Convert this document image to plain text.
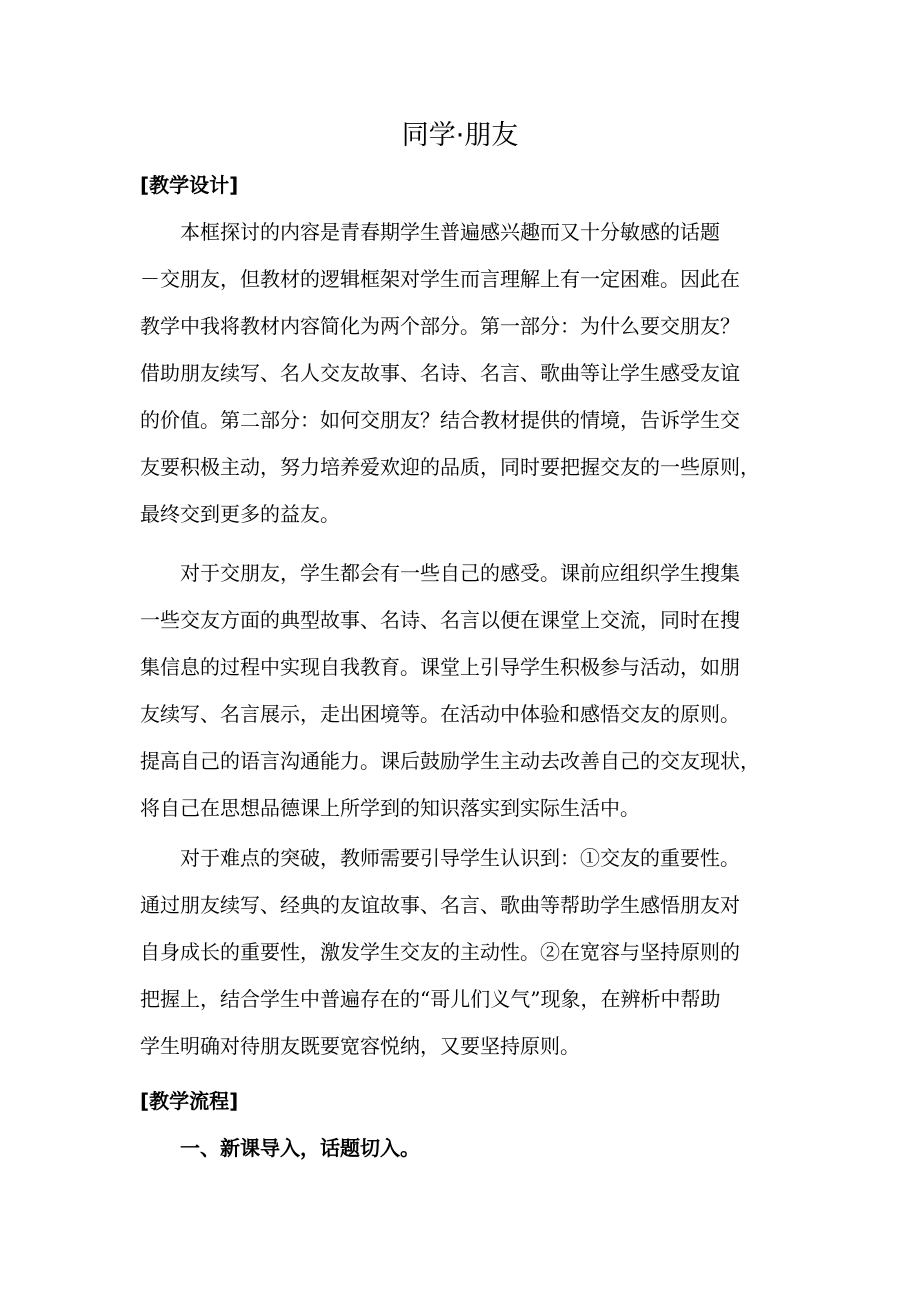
同学·朋友
[教学设计]
本框探讨的内容是青春期学生普遍感兴趣而又十分敏感的话题
－交朋友，但教材的逻辑框架对学生而言理解上有一定困难。因此在
教学中我将教材内容简化为两个部分。第一部分：为什么要交朋友？
借助朋友续写、名人交友故事、名诗、名言、歌曲等让学生感受友谊
的价值。第二部分：如何交朋友？结合教材提供的情境，告诉学生交
友要积极主动，努力培养爱欢迎的品质，同时要把握交友的一些原则，
最终交到更多的益友。
对于交朋友，学生都会有一些自己的感受。课前应组织学生搜集
一些交友方面的典型故事、名诗、名言以便在课堂上交流，同时在搜
集信息的过程中实现自我教育。课堂上引导学生积极参与活动，如朋
友续写、名言展示，走出困境等。在活动中体验和感悟交友的原则。
提高自己的语言沟通能力。课后鼓励学生主动去改善自己的交友现状，
将自己在思想品德课上所学到的知识落实到实际生活中。
对于难点的突破，教师需要引导学生认识到：①交友的重要性。
通过朋友续写、经典的友谊故事、名言、歌曲等帮助学生感悟朋友对
自身成长的重要性，激发学生交友的主动性。②在宽容与坚持原则的
把握上，结合学生中普遍存在的“哥儿们义气”现象，在辨析中帮助
学生明确对待朋友既要宽容悦纳，又要坚持原则。
[教学流程]
一、新课导入，话题切入。
